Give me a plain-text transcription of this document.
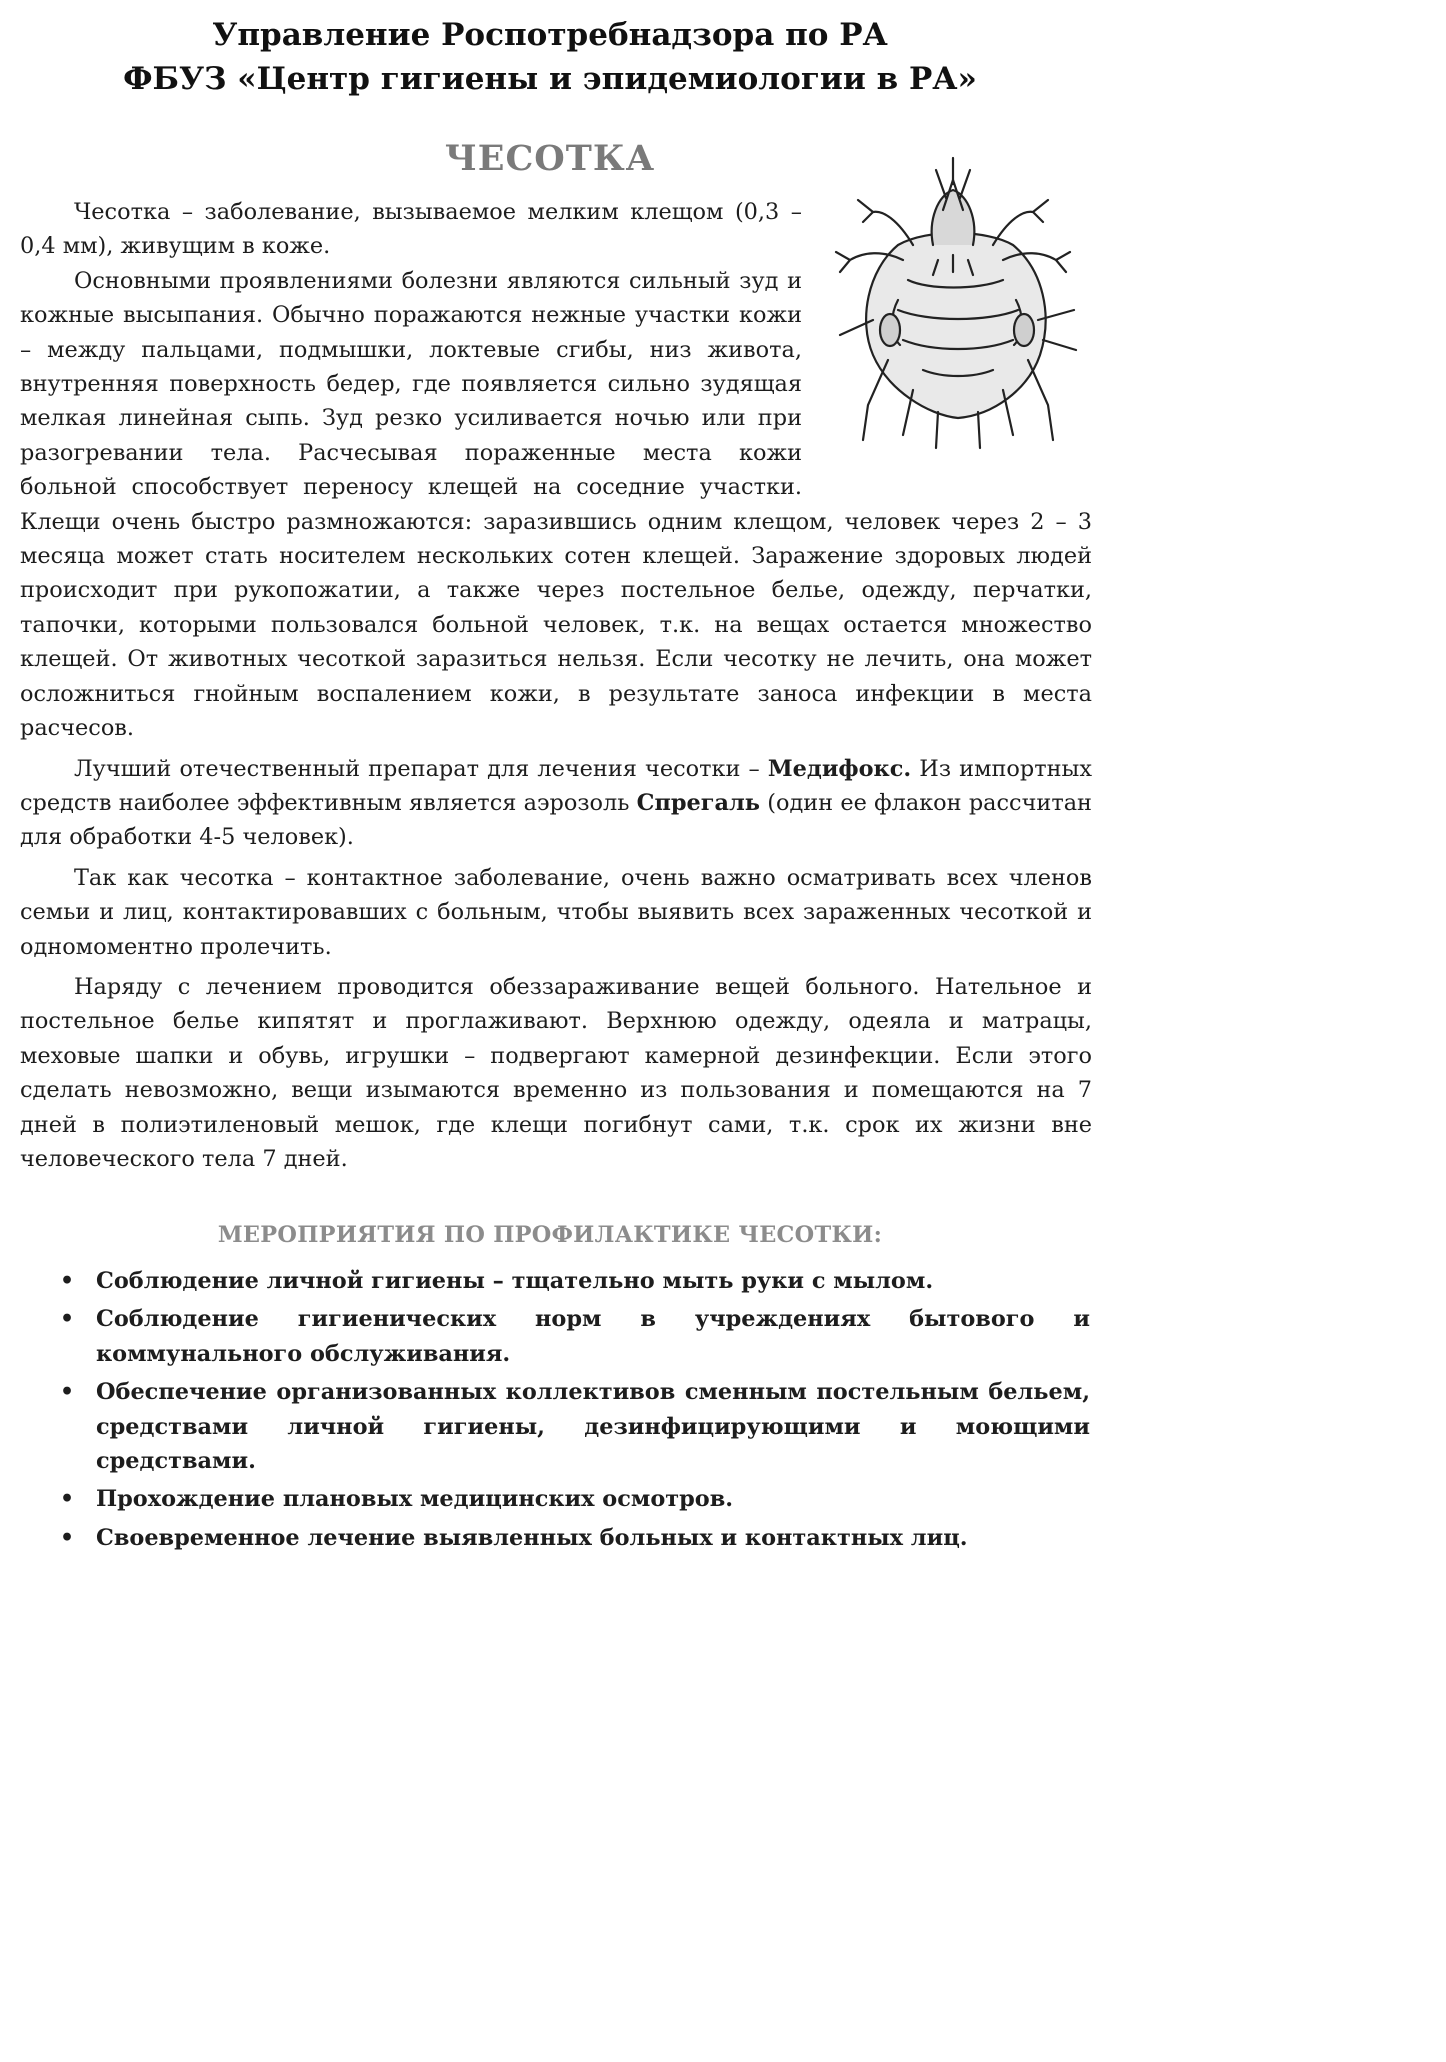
Управление Роспотребнадзора по РА
ФБУЗ «Центр гигиены и эпидемиологии в РА»
ЧЕСОТКА

Чесотка – заболевание, вызываемое мелким клещом (0,3 – 0,4 мм), живущим в коже.

Основными проявлениями болезни являются сильный зуд и кожные высыпания. Обычно поражаются нежные участки кожи – между пальцами, подмышки, локтевые сгибы, низ живота, внутренняя поверхность бедер, где появляется сильно зудящая мелкая линейная сыпь. Зуд резко усиливается ночью или при разогревании тела. Расчесывая пораженные места кожи больной способствует переносу клещей на соседние участки. Клещи очень быстро размножаются: заразившись одним клещом, человек через 2 – 3 месяца может стать носителем нескольких сотен клещей. Заражение здоровых людей происходит при рукопожатии, а также через постельное белье, одежду, перчатки, тапочки, которыми пользовался больной человек, т.к. на вещах остается множество клещей. От животных чесоткой заразиться нельзя. Если чесотку не лечить, она может осложниться гнойным воспалением кожи, в результате заноса инфекции в места расчесов.

Лучший отечественный препарат для лечения чесотки – Медифокс. Из импортных средств наиболее эффективным является аэрозоль Спрегаль (один ее флакон рассчитан для обработки 4-5 человек).

Так как чесотка – контактное заболевание, очень важно осматривать всех членов семьи и лиц, контактировавших с больным, чтобы выявить всех зараженных чесоткой и одномоментно пролечить.

Наряду с лечением проводится обеззараживание вещей больного. Нательное и постельное белье кипятят и проглаживают. Верхнюю одежду, одеяла и матрацы, меховые шапки и обувь, игрушки – подвергают камерной дезинфекции. Если этого сделать невозможно, вещи изымаются временно из пользования и помещаются на 7 дней в полиэтиленовый мешок, где клещи погибнут сами, т.к. срок их жизни вне человеческого тела 7 дней.

МЕРОПРИЯТИЯ ПО ПРОФИЛАКТИКЕ ЧЕСОТКИ:
• Соблюдение личной гигиены – тщательно мыть руки с мылом.
• Соблюдение гигиенических норм в учреждениях бытового и коммунального обслуживания.
• Обеспечение организованных коллективов сменным постельным бельем, средствами личной гигиены, дезинфицирующими и моющими средствами.
• Прохождение плановых медицинских осмотров.
• Своевременное лечение выявленных больных и контактных лиц.
